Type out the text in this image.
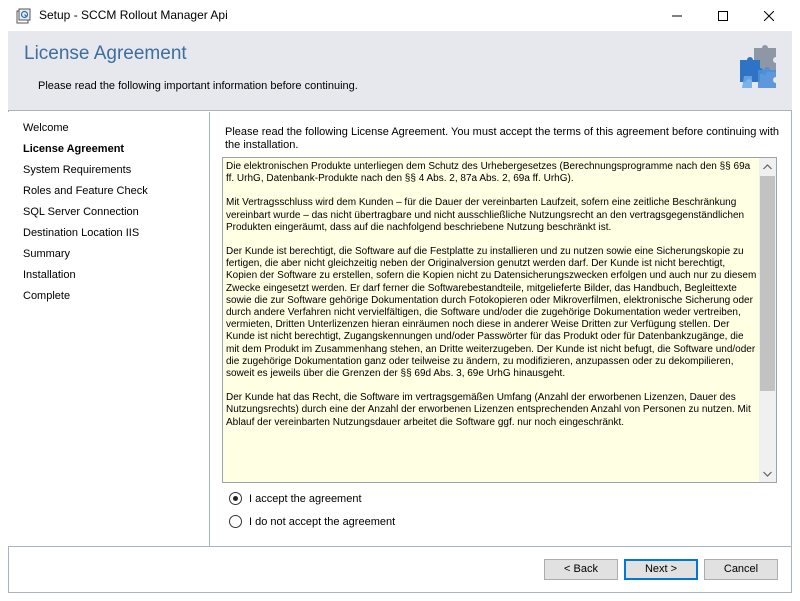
Setup - SCCM Rollout Manager Api
License Agreement
Please read the following important information before continuing.
Welcome
License Agreement
System Requirements
Roles and Feature Check
SQL Server Connection
Destination Location IIS
Summary
Installation
Complete
Please read the following License Agreement. You must accept the terms of this agreement before continuing with the installation.

Die elektronischen Produkte unterliegen dem Schutz des Urhebergesetzes (Berechnungsprogramme nach den §§ 69a ff. UrhG, Datenbank-Produkte nach den §§ 4 Abs. 2, 87a Abs. 2, 69a ff. UrhG).

Mit Vertragsschluss wird dem Kunden – für die Dauer der vereinbarten Laufzeit, sofern eine zeitliche Beschränkung vereinbart wurde – das nicht übertragbare und nicht ausschließliche Nutzungsrecht an den vertragsgegenständlichen Produkten eingeräumt, dass auf die nachfolgend beschriebene Nutzung beschränkt ist.

Der Kunde ist berechtigt, die Software auf die Festplatte zu installieren und zu nutzen sowie eine Sicherungskopie zu fertigen, die aber nicht gleichzeitig neben der Originalversion genutzt werden darf. Der Kunde ist nicht berechtigt, Kopien der Software zu erstellen, sofern die Kopien nicht zu Datensicherungszwecken erfolgen und auch nur zu diesem Zwecke eingesetzt werden. Er darf ferner die Softwarebestandteile, mitgelieferte Bilder, das Handbuch, Begleittexte sowie die zur Software gehörige Dokumentation durch Fotokopieren oder Mikroverfilmen, elektronische Sicherung oder durch andere Verfahren nicht vervielfältigen, die Software und/oder die zugehörige Dokumentation weder vertreiben, vermieten, Dritten Unterlizenzen hieran einräumen noch diese in anderer Weise Dritten zur Verfügung stellen. Der Kunde ist nicht berechtigt, Zugangskennungen und/oder Passwörter für das Produkt oder für Datenbankzugänge, die mit dem Produkt im Zusammenhang stehen, an Dritte weiterzugeben. Der Kunde ist nicht befugt, die Software und/oder die zugehörige Dokumentation ganz oder teilweise zu ändern, zu modifizieren, anzupassen oder zu dekompilieren, soweit es jeweils über die Grenzen der §§ 69d Abs. 3, 69e UrhG hinausgeht.

Der Kunde hat das Recht, die Software im vertragsgemäßen Umfang (Anzahl der erworbenen Lizenzen, Dauer des Nutzungsrechts) durch eine der Anzahl der erworbenen Lizenzen entsprechenden Anzahl von Personen zu nutzen. Mit Ablauf der vereinbarten Nutzungsdauer arbeitet die Software ggf. nur noch eingeschränkt.

I accept the agreement
I do not accept the agreement
< Back	Next >	Cancel
